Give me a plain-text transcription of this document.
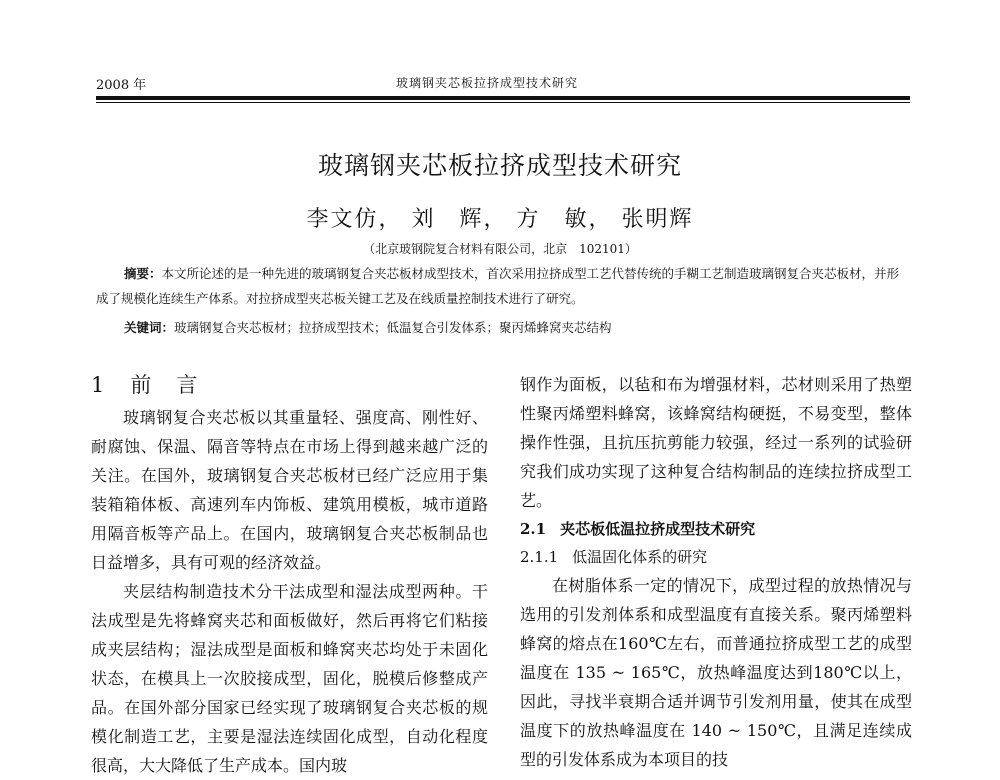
2008 年	玻璃钢夹芯板拉挤成型技术研究
玻璃钢夹芯板拉挤成型技术研究
李文仿， 刘　辉， 方　敏， 张明辉
（北京玻钢院复合材料有限公司，北京　102101）
摘要：本文所论述的是一种先进的玻璃钢复合夹芯板材成型技术，首次采用拉挤成型工艺代替传统的手糊工艺制造玻璃钢复合夹芯板材，并形成了规模化连续生产体系。对拉挤成型夹芯板关键工艺及在线质量控制技术进行了研究。
关键词：玻璃钢复合夹芯板材；拉挤成型技术；低温复合引发体系；聚丙烯蜂窝夹芯结构
1 前　言

玻璃钢复合夹芯板以其重量轻、强度高、刚性好、耐腐蚀、保温、隔音等特点在市场上得到越来越广泛的关注。在国外，玻璃钢复合夹芯板材已经广泛应用于集装箱箱体板、高速列车内饰板、建筑用模板，城市道路用隔音板等产品上。在国内，玻璃钢复合夹芯板制品也日益增多，具有可观的经济效益。

夹层结构制造技术分干法成型和湿法成型两种。干法成型是先将蜂窝夹芯和面板做好，然后再将它们粘接成夹层结构；湿法成型是面板和蜂窝夹芯均处于未固化状态，在模具上一次胶接成型，固化，脱模后修整成产品。在国外部分国家已经实现了玻璃钢复合夹芯板的规模化制造工艺，主要是湿法连续固化成型，自动化程度很高，大大降低了生产成本。国内玻

钢作为面板，以毡和布为增强材料，芯材则采用了热塑性聚丙烯塑料蜂窝，该蜂窝结构硬挺，不易变型，整体操作性强，且抗压抗剪能力较强，经过一系列的试验研究我们成功实现了这种复合结构制品的连续拉挤成型工艺。

2.1 夹芯板低温拉挤成型技术研究
2.1.1 低温固化体系的研究

在树脂体系一定的情况下，成型过程的放热情况与选用的引发剂体系和成型温度有直接关系。聚丙烯塑料蜂窝的熔点在160℃左右，而普通拉挤成型工艺的成型温度在 135 ~ 165℃，放热峰温度达到180℃以上，因此，寻找半衰期合适并调节引发剂用量，使其在成型温度下的放热峰温度在 140 ~ 150℃，且满足连续成型的引发体系成为本项目的技
